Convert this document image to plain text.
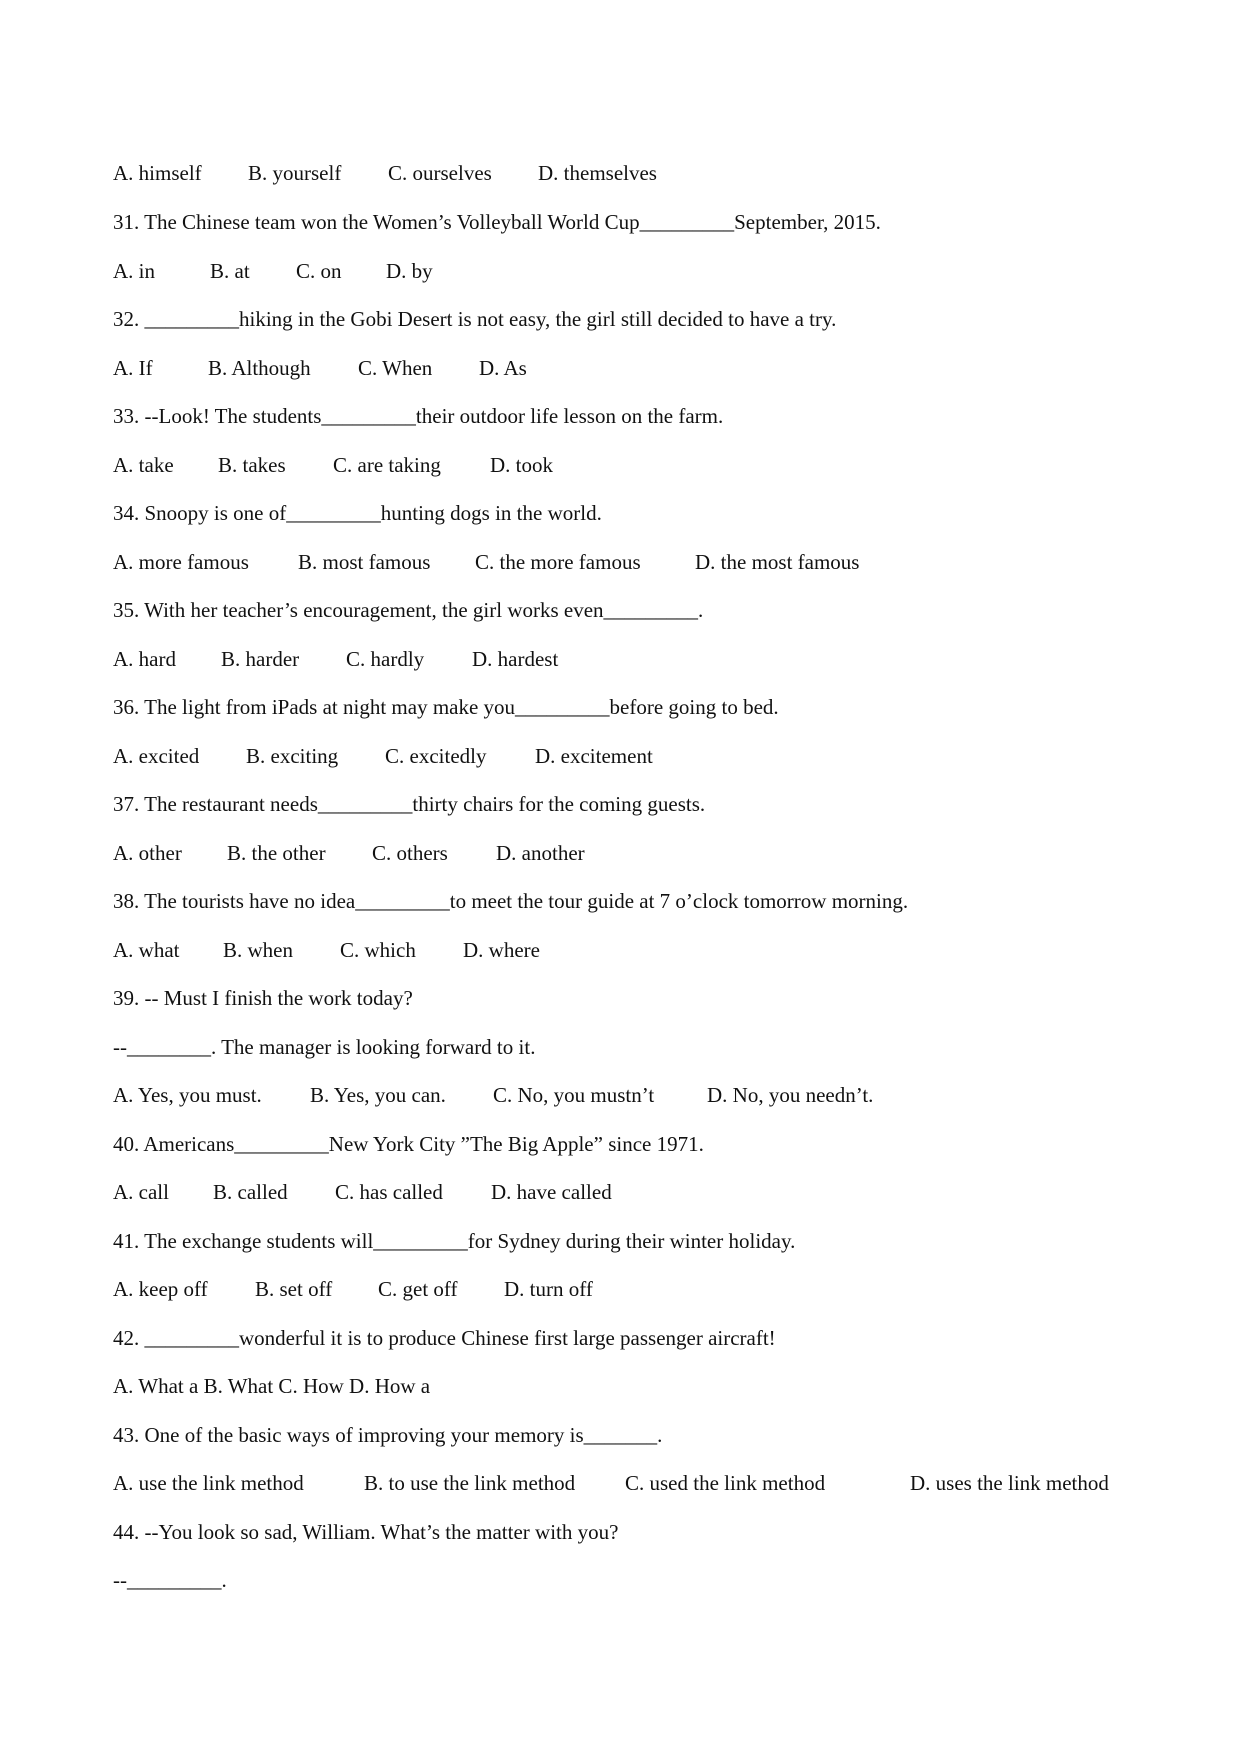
A. himself B. yourself C. ourselves D. themselves
31. The Chinese team won the Women’s Volleyball World Cup_________September, 2015.
A. in	B. at C. on D. by
32. _________hiking in the Gobi Desert is not easy, the girl still decided to have a try.
A. If	B. Although C. When D. As
33. --Look! The students_________their outdoor life lesson on the farm.
A. take B. takes C. are taking D. took
34. Snoopy is one of_________hunting dogs in the world.
A. more famous B. most famous C. the more famous	D. the most famous
35. With her teacher’s encouragement, the girl works even_________.
A. hard B. harder C. hardly D. hardest
36. The light from iPads at night may make you_________before going to bed.
A. excited B. exciting C. excitedly D. excitement
37. The restaurant needs_________thirty chairs for the coming guests.
A. other B. the other C. others D. another
38. The tourists have no idea_________to meet the tour guide at 7 o’clock tomorrow morning.
A. what B. when C. which D. where
39. -- Must I finish the work today?
--________. The manager is looking forward to it.
A. Yes, you must. B. Yes, you can. C. No, you mustn’t	D. No, you needn’t.
40. Americans_________New York City ”The Big Apple” since 1971.
A. call B. called C. has called D. have called
41. The exchange students will_________for Sydney during their winter holiday.
A. keep off B. set off C. get off D. turn off
42. _________wonderful it is to produce Chinese first large passenger aircraft!
A. What a B. What C. How D. How a
43. One of the basic ways of improving your memory is_______.
A. use the link method	B. to use the link method C. used the link method	D. uses the link method
44. --You look so sad, William. What’s the matter with you?
--_________.
